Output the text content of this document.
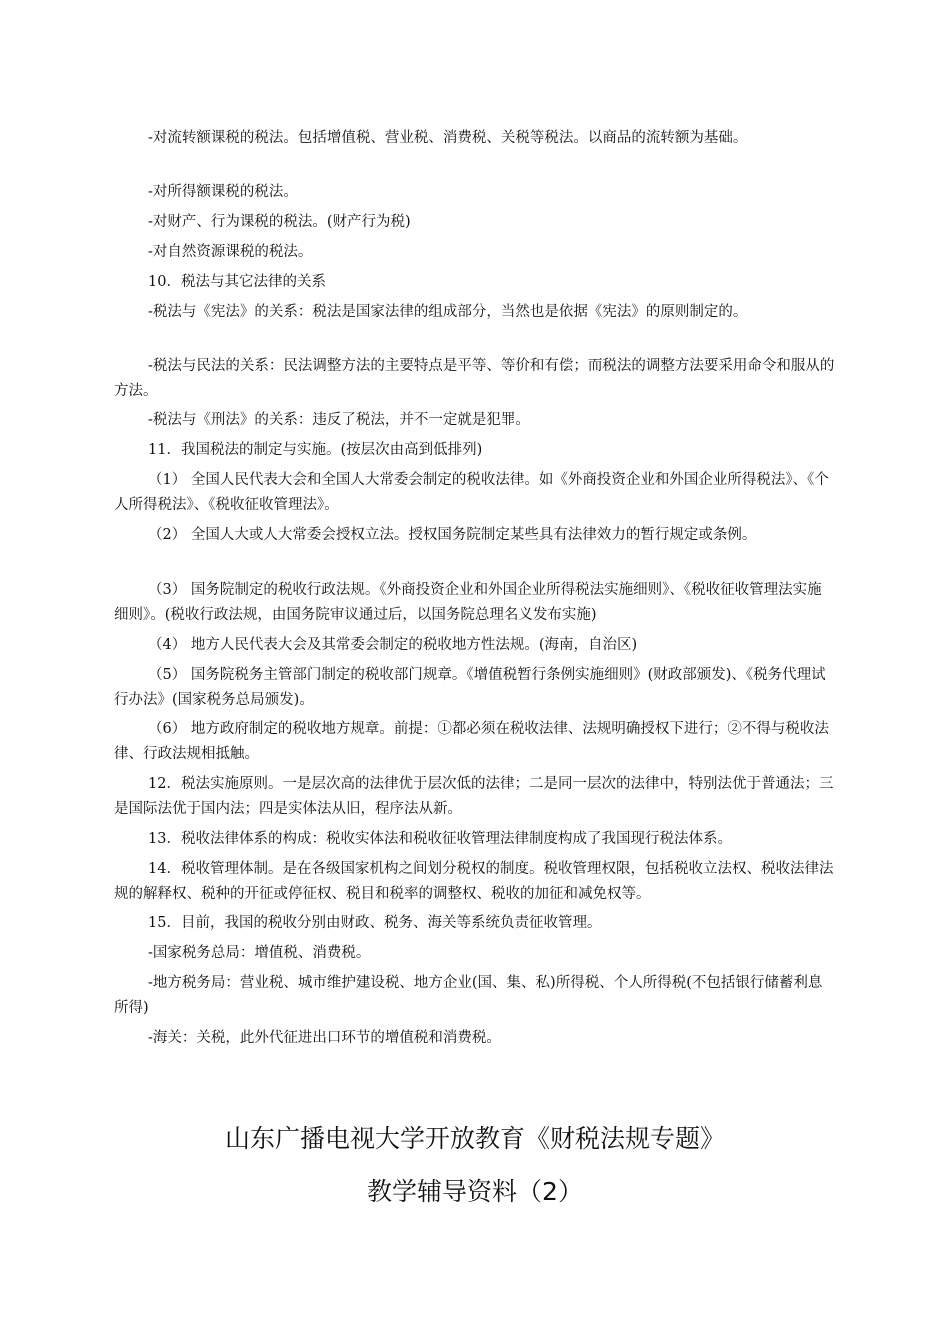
-对流转额课税的税法。包括增值税、营业税、消费税、关税等税法。以商品的流转额为基础。
-对所得额课税的税法。
-对财产、行为课税的税法。(财产行为税)
-对自然资源课税的税法。
10．税法与其它法律的关系
-税法与《宪法》的关系：税法是国家法律的组成部分，当然也是依据《宪法》的原则制定的。
-税法与民法的关系：民法调整方法的主要特点是平等、等价和有偿；而税法的调整方法要采用命令和服从的方法。
-税法与《刑法》的关系：违反了税法，并不一定就是犯罪。
11．我国税法的制定与实施。(按层次由高到低排列)
（1） 全国人民代表大会和全国人大常委会制定的税收法律。如《外商投资企业和外国企业所得税法》、《个人所得税法》、《税收征收管理法》。
（2） 全国人大或人大常委会授权立法。授权国务院制定某些具有法律效力的暂行规定或条例。
（3） 国务院制定的税收行政法规。《外商投资企业和外国企业所得税法实施细则》、《税收征收管理法实施细则》。(税收行政法规，由国务院审议通过后，以国务院总理名义发布实施)
（4） 地方人民代表大会及其常委会制定的税收地方性法规。(海南，自治区)
（5） 国务院税务主管部门制定的税收部门规章。《增值税暂行条例实施细则》(财政部颁发)、《税务代理试行办法》(国家税务总局颁发)。
（6） 地方政府制定的税收地方规章。前提：①都必须在税收法律、法规明确授权下进行；②不得与税收法律、行政法规相抵触。
12．税法实施原则。一是层次高的法律优于层次低的法律；二是同一层次的法律中，特别法优于普通法；三是国际法优于国内法；四是实体法从旧，程序法从新。
13．税收法律体系的构成：税收实体法和税收征收管理法律制度构成了我国现行税法体系。
14．税收管理体制。是在各级国家机构之间划分税权的制度。税收管理权限，包括税收立法权、税收法律法规的解释权、税种的开征或停征权、税目和税率的调整权、税收的加征和减免权等。
15．目前，我国的税收分别由财政、税务、海关等系统负责征收管理。
-国家税务总局：增值税、消费税。
-地方税务局：营业税、城市维护建设税、地方企业(国、集、私)所得税、个人所得税(不包括银行储蓄利息所得)
-海关：关税，此外代征进出口环节的增值税和消费税。
山东广播电视大学开放教育《财税法规专题》
教学辅导资料（2）
